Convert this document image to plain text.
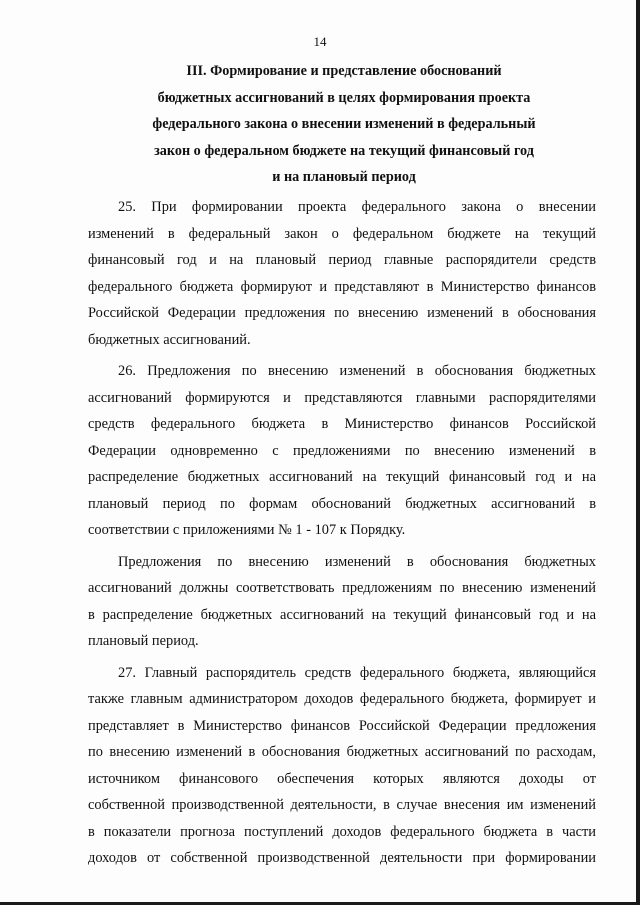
14
III. Формирование и представление обоснований
бюджетных ассигнований в целях формирования проекта
федерального закона о внесении изменений в федеральный
закон о федеральном бюджете на текущий финансовый год
и на плановый период
25. При формировании проекта федерального закона о внесении
изменений в федеральный закон о федеральном бюджете на текущий
финансовый год и на плановый период главные распорядители средств
федерального бюджета формируют и представляют в Министерство финансов
Российской Федерации предложения по внесению изменений в обоснования
бюджетных ассигнований.
26. Предложения по внесению изменений в обоснования бюджетных
ассигнований формируются и представляются главными распорядителями
средств федерального бюджета в Министерство финансов Российской
Федерации одновременно с предложениями по внесению изменений в
распределение бюджетных ассигнований на текущий финансовый год и на
плановый период по формам обоснований бюджетных ассигнований в
соответствии с приложениями № 1 - 107 к Порядку.
Предложения по внесению изменений в обоснования бюджетных
ассигнований должны соответствовать предложениям по внесению изменений
в распределение бюджетных ассигнований на текущий финансовый год и на
плановый период.
27. Главный распорядитель средств федерального бюджета, являющийся
также главным администратором доходов федерального бюджета, формирует и
представляет в Министерство финансов Российской Федерации предложения
по внесению изменений в обоснования бюджетных ассигнований по расходам,
источником финансового обеспечения которых являются доходы от
собственной производственной деятельности, в случае внесения им изменений
в показатели прогноза поступлений доходов федерального бюджета в части
доходов от собственной производственной деятельности при формировании
